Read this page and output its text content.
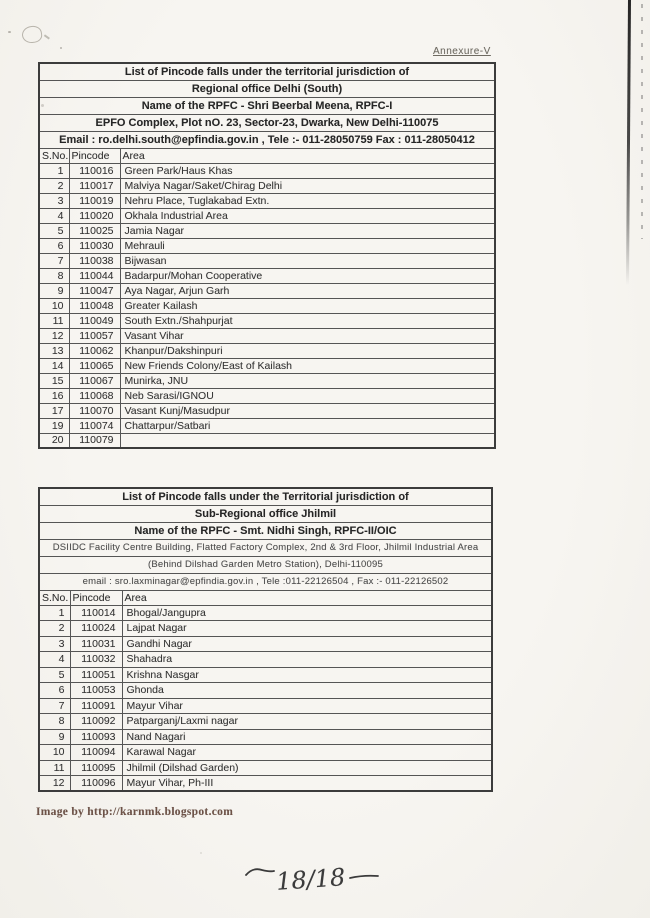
Annexure-V
List of Pincode falls under the territorial jurisdiction of		
Regional office Delhi (South)		
Name of the RPFC - Shri Beerbal Meena, RPFC-I		
EPFO Complex, Plot nO. 23, Sector-23, Dwarka, New Delhi-110075		
Email : ro.delhi.south@epfindia.gov.in , Tele :- 011-28050759 Fax : 011-28050412		
S.No.	Pincode	Area
1	110016	Green Park/Haus Khas
2	110017	Malviya Nagar/Saket/Chirag Delhi
3	110019	Nehru Place, Tuglakabad Extn.
4	110020	Okhala Industrial Area
5	110025	Jamia Nagar
6	110030	Mehrauli
7	110038	Bijwasan
8	110044	Badarpur/Mohan Cooperative
9	110047	Aya Nagar, Arjun Garh
10	110048	Greater Kailash
11	110049	South Extn./Shahpurjat
12	110057	Vasant Vihar
13	110062	Khanpur/Dakshinpuri
14	110065	New Friends Colony/East of Kailash
15	110067	Munirka, JNU
16	110068	Neb Sarasi/IGNOU
17	110070	Vasant Kunj/Masudpur
19	110074	Chattarpur/Satbari
20	110079	
List of Pincode falls under the Territorial jurisdiction of		
Sub-Regional office Jhilmil		
Name of the RPFC - Smt. Nidhi Singh, RPFC-II/OIC		
DSIIDC Facility Centre Building, Flatted Factory Complex, 2nd & 3rd Floor, Jhilmil Industrial Area		
(Behind Dilshad Garden Metro Station), Delhi-110095		
email : sro.laxminagar@epfindia.gov.in , Tele :011-22126504 , Fax :- 011-22126502		
S.No.	Pincode	Area
1	110014	Bhogal/Jangupra
2	110024	Lajpat Nagar
3	110031	Gandhi Nagar
4	110032	Shahadra
5	110051	Krishna Nasgar
6	110053	Ghonda
7	110091	Mayur Vihar
8	110092	Patparganj/Laxmi nagar
9	110093	Nand Nagari
10	110094	Karawal Nagar
11	110095	Jhilmil (Dilshad Garden)
12	110096	Mayur Vihar, Ph-III
Image by http://karnmk.blogspot.com
18/18
